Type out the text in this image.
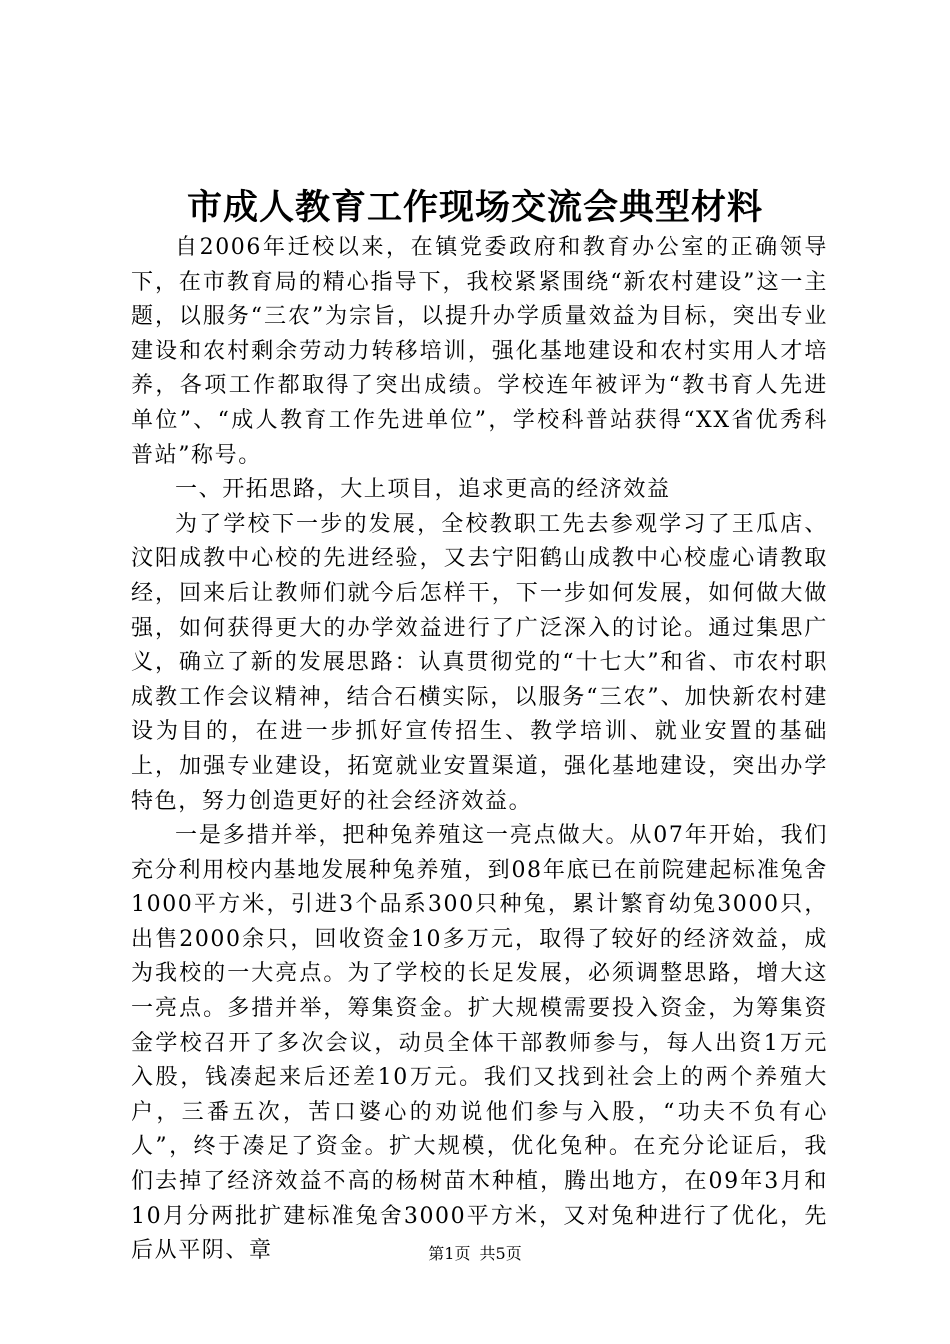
市成人教育工作现场交流会典型材料

自2006年迁校以来，在镇党委政府和教育办公室的正确领导下，在市教育局的精心指导下，我校紧紧围绕“新农村建设”这一主题，以服务“三农”为宗旨，以提升办学质量效益为目标，突出专业建设和农村剩余劳动力转移培训，强化基地建设和农村实用人才培养，各项工作都取得了突出成绩。学校连年被评为“教书育人先进单位”、“成人教育工作先进单位”，学校科普站获得“XX省优秀科普站”称号。

一、开拓思路，大上项目，追求更高的经济效益

为了学校下一步的发展，全校教职工先去参观学习了王瓜店、汶阳成教中心校的先进经验，又去宁阳鹤山成教中心校虚心请教取经，回来后让教师们就今后怎样干，下一步如何发展，如何做大做强，如何获得更大的办学效益进行了广泛深入的讨论。通过集思广义，确立了新的发展思路：认真贯彻党的“十七大”和省、市农村职成教工作会议精神，结合石横实际，以服务“三农”、加快新农村建设为目的，在进一步抓好宣传招生、教学培训、就业安置的基础上，加强专业建设，拓宽就业安置渠道，强化基地建设，突出办学特色，努力创造更好的社会经济效益。

一是多措并举，把种兔养殖这一亮点做大。从07年开始，我们充分利用校内基地发展种兔养殖，到08年底已在前院建起标准兔舍1000平方米，引进3个品系300只种兔，累计繁育幼兔3000只，出售2000余只，回收资金10多万元，取得了较好的经济效益，成为我校的一大亮点。为了学校的长足发展，必须调整思路，增大这一亮点。多措并举，筹集资金。扩大规模需要投入资金，为筹集资金学校召开了多次会议，动员全体干部教师参与，每人出资1万元入股，钱凑起来后还差10万元。我们又找到社会上的两个养殖大户，三番五次，苦口婆心的劝说他们参与入股，“功夫不负有心人”，终于凑足了资金。扩大规模，优化兔种。在充分论证后，我们去掉了经济效益不高的杨树苗木种植，腾出地方，在09年3月和10月分两批扩建标准兔舍3000平方米，又对兔种进行了优化，先后从平阴、章	第1页 共5页
